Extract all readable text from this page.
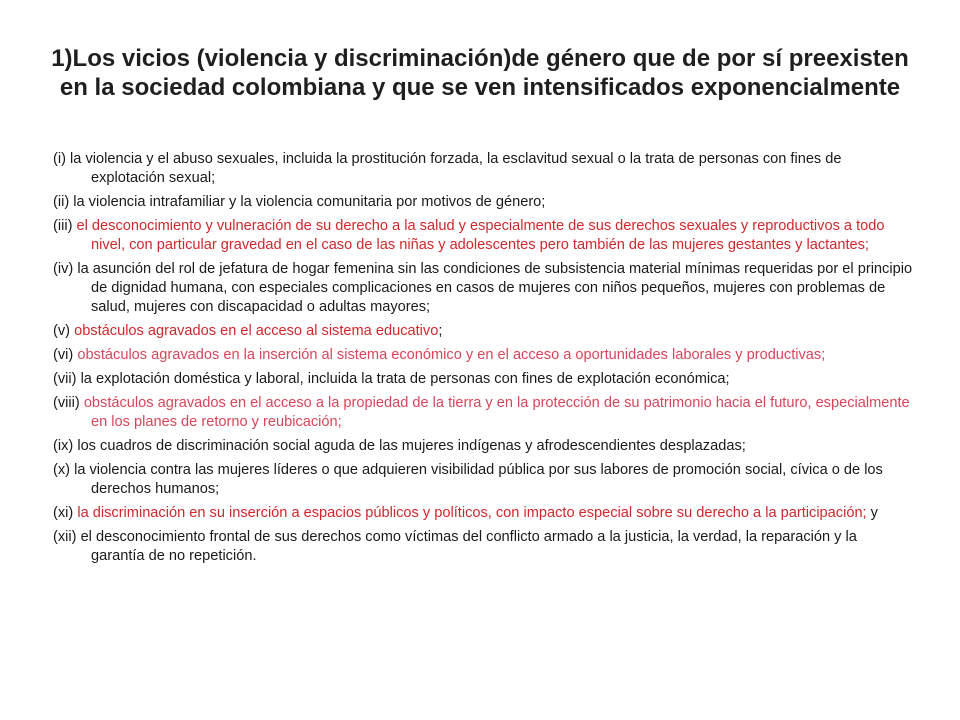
1)Los vicios (violencia y discriminación)de género que de por sí preexisten en la sociedad colombiana y que se ven intensificados exponencialmente

(i) la violencia y el abuso sexuales, incluida la prostitución forzada, la esclavitud sexual o la trata de personas con fines de explotación sexual;

(ii) la violencia intrafamiliar y la violencia comunitaria por motivos de género;

(iii) el desconocimiento y vulneración de su derecho a la salud y especialmente de sus derechos sexuales y reproductivos a todo nivel, con particular gravedad en el caso de las niñas y adolescentes pero también de las mujeres gestantes y lactantes;

(iv) la asunción del rol de jefatura de hogar femenina sin las condiciones de subsistencia material mínimas requeridas por el principio de dignidad humana, con especiales complicaciones en casos de mujeres con niños pequeños, mujeres con problemas de salud, mujeres con discapacidad o adultas mayores;

(v) obstáculos agravados en el acceso al sistema educativo;

(vi) obstáculos agravados en la inserción al sistema económico y en el acceso a oportunidades laborales y productivas;

(vii) la explotación doméstica y laboral, incluida la trata de personas con fines de explotación económica;

(viii) obstáculos agravados en el acceso a la propiedad de la tierra y en la protección de su patrimonio hacia el futuro, especialmente en los planes de retorno y reubicación;

(ix) los cuadros de discriminación social aguda de las mujeres indígenas y afrodescendientes desplazadas;

(x) la violencia contra las mujeres líderes o que adquieren visibilidad pública por sus labores de promoción social, cívica o de los derechos humanos;

(xi) la discriminación en su inserción a espacios públicos y políticos, con impacto especial sobre su derecho a la participación; y

(xii) el desconocimiento frontal de sus derechos como víctimas del conflicto armado a la justicia, la verdad, la reparación y la garantía de no repetición.
